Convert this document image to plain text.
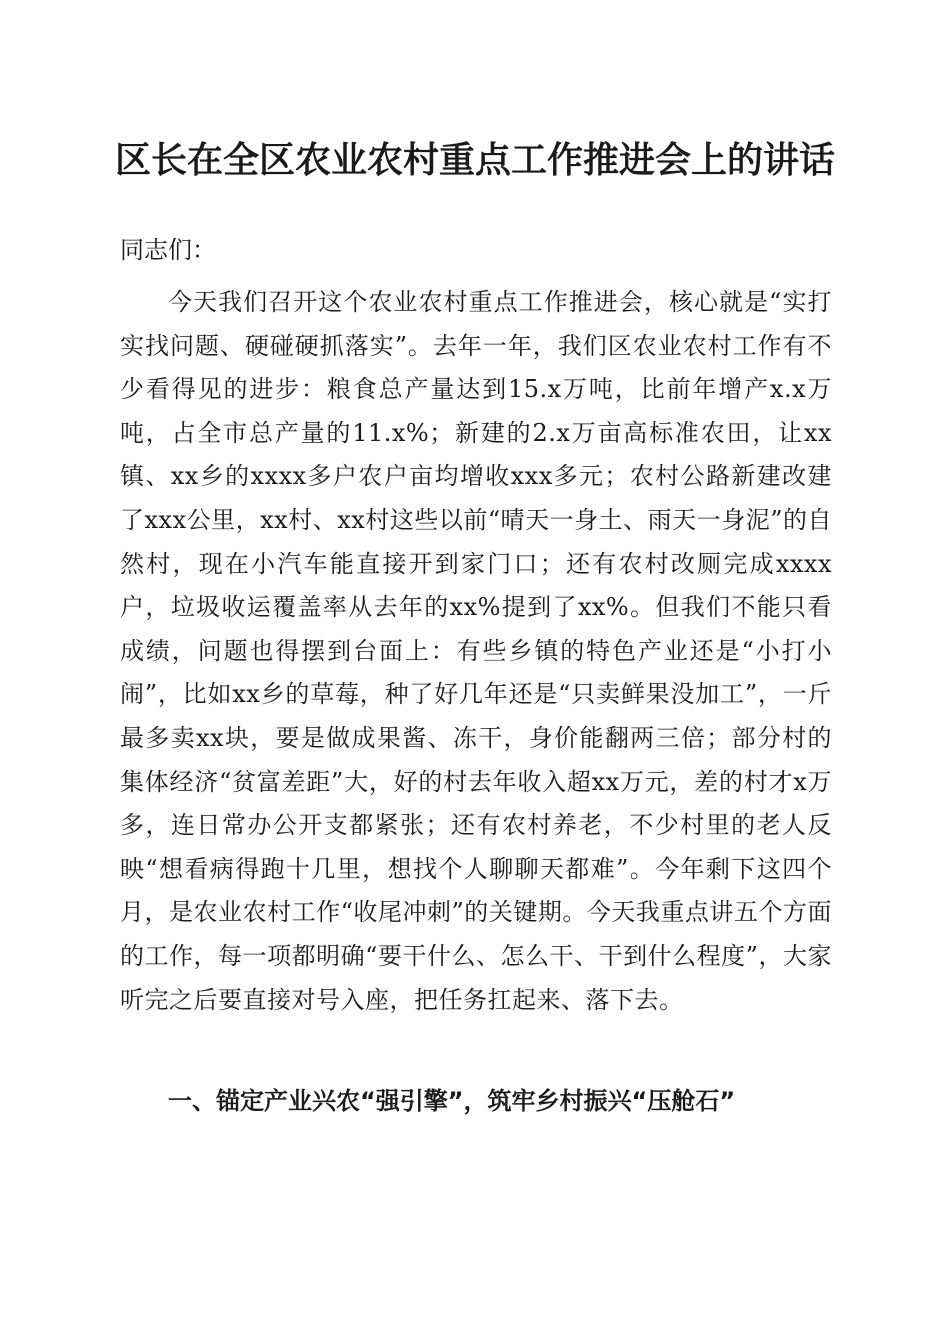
区长在全区农业农村重点工作推进会上的讲话

同志们：

今天我们召开这个农业农村重点工作推进会，核心就是“实打实找问题、硬碰硬抓落实”。去年一年，我们区农业农村工作有不少看得见的进步：粮食总产量达到15.x万吨，比前年增产x.x万吨，占全市总产量的11.x%；新建的2.x万亩高标准农田，让xx镇、xx乡的xxxx多户农户亩均增收xxx多元；农村公路新建改建了xxx公里，xx村、xx村这些以前“晴天一身土、雨天一身泥”的自然村，现在小汽车能直接开到家门口；还有农村改厕完成xxxx户，垃圾收运覆盖率从去年的xx%提到了xx%。但我们不能只看成绩，问题也得摆到台面上：有些乡镇的特色产业还是“小打小闹”，比如xx乡的草莓，种了好几年还是“只卖鲜果没加工”，一斤最多卖xx块，要是做成果酱、冻干，身价能翻两三倍；部分村的集体经济“贫富差距”大，好的村去年收入超xx万元，差的村才x万多，连日常办公开支都紧张；还有农村养老，不少村里的老人反映“想看病得跑十几里，想找个人聊聊天都难”。今年剩下这四个月，是农业农村工作“收尾冲刺”的关键期。今天我重点讲五个方面的工作，每一项都明确“要干什么、怎么干、干到什么程度”，大家听完之后要直接对号入座，把任务扛起来、落下去。

一、锚定产业兴农“强引擎”，筑牢乡村振兴“压舱石”
